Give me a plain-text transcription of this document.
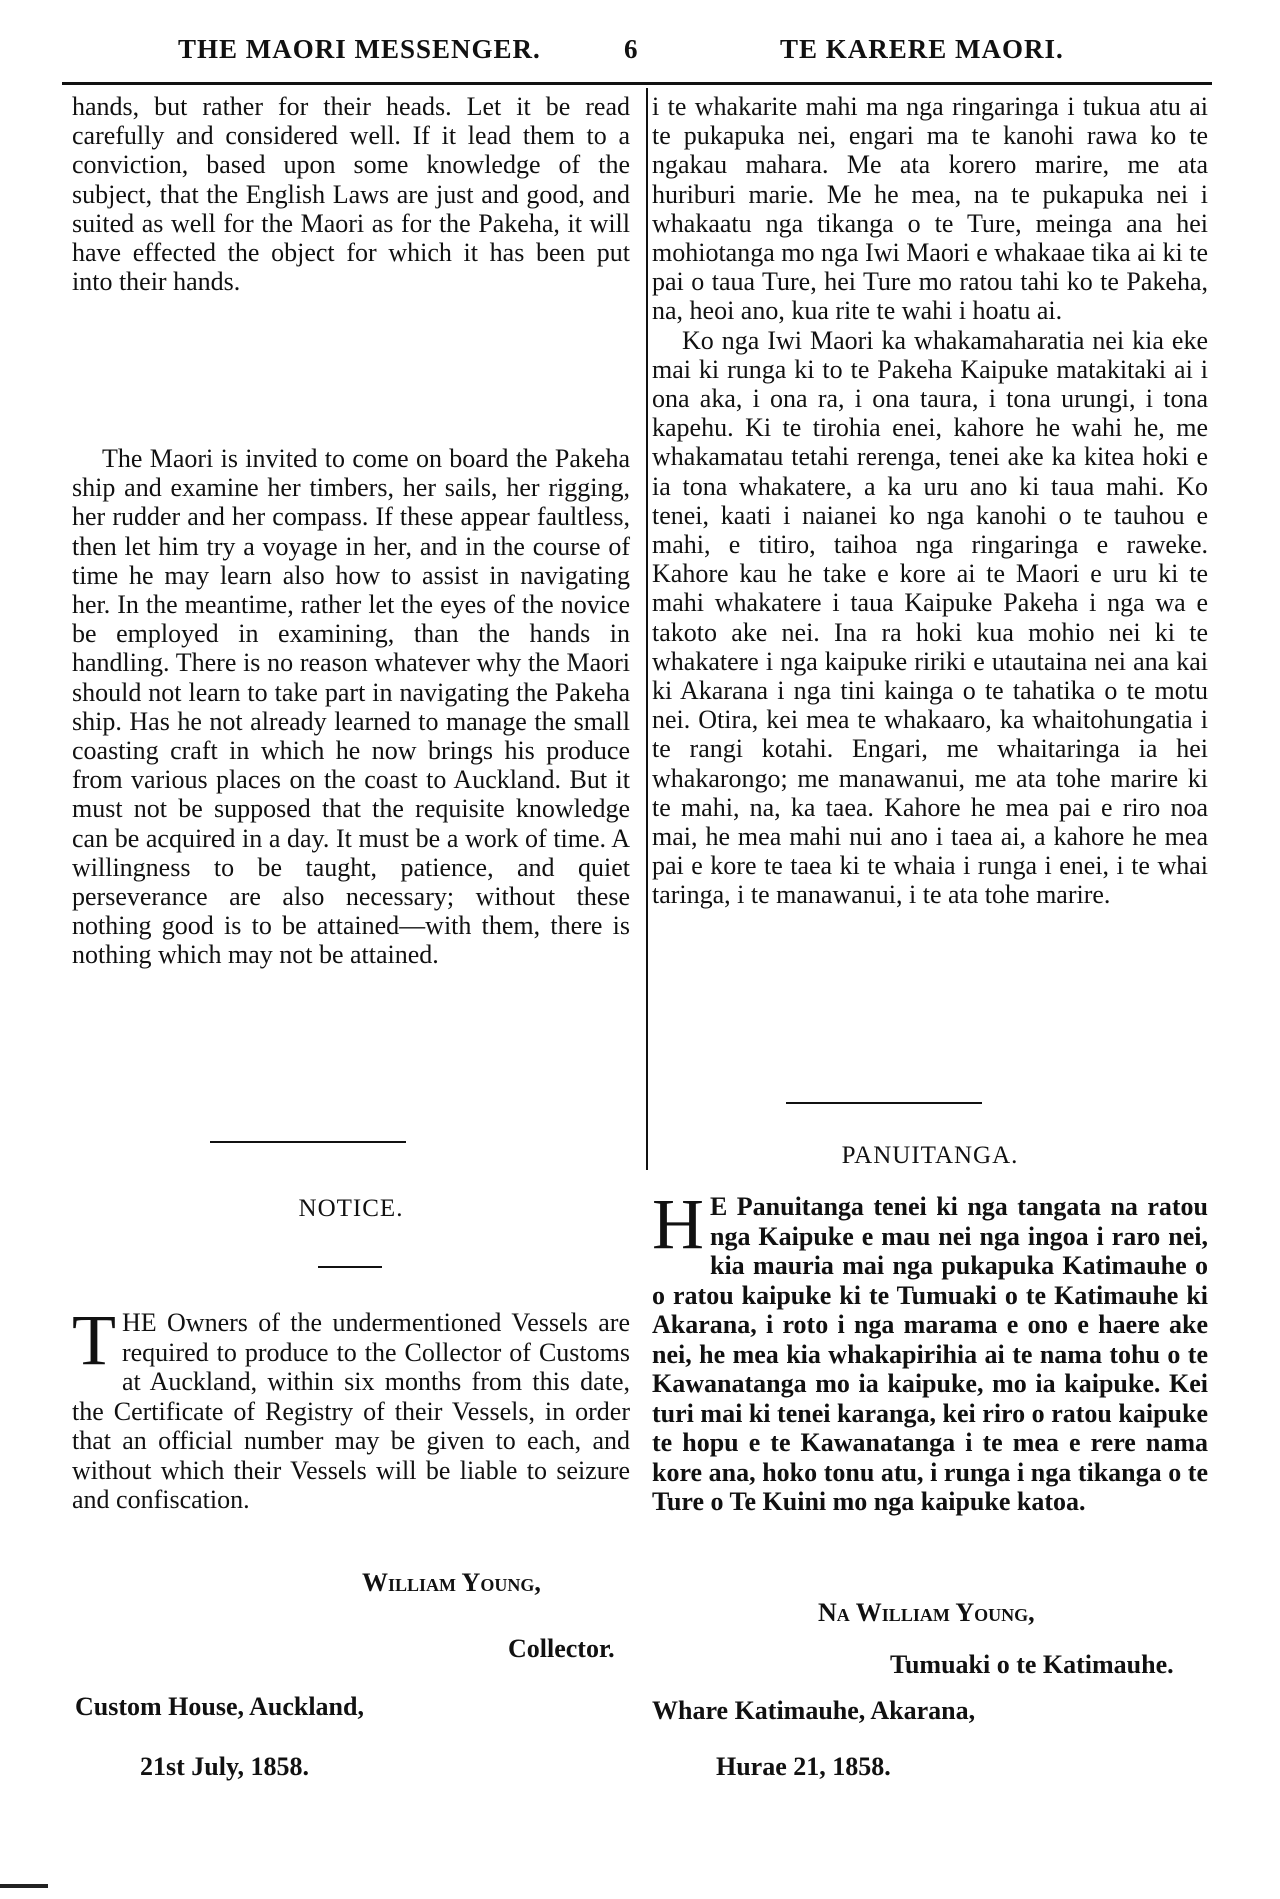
THE MAORI MESSENGER.	6	TE KARERE MAORI.

hands, but rather for their heads. Let it be read carefully and considered well. If it lead them to a conviction, based upon some knowledge of the subject, that the English Laws are just and good, and suited as well for the Maori as for the Pakeha, it will have effected the object for which it has been put into their hands.

The Maori is invited to come on board the Pakeha ship and examine her timbers, her sails, her rigging, her rudder and her compass. If these appear faultless, then let him try a voyage in her, and in the course of time he may learn also how to assist in navigating her. In the meantime, rather let the eyes of the novice be employed in examining, than the hands in handling. There is no reason whatever why the Maori should not learn to take part in navigating the Pakeha ship. Has he not already learned to manage the small coasting craft in which he now brings his produce from various places on the coast to Auckland. But it must not be supposed that the requisite knowledge can be acquired in a day. It must be a work of time. A willingness to be taught, patience, and quiet perseverance are also necessary; without these nothing good is to be attained—with them, there is nothing which may not be attained.

i te whakarite mahi ma nga ringaringa i tukua atu ai te pukapuka nei, engari ma te kanohi rawa ko te ngakau mahara. Me ata korero marire, me ata huriburi marie. Me he mea, na te pukapuka nei i whakaatu nga tikanga o te Ture, meinga ana hei mohiotanga mo nga Iwi Maori e whakaae tika ai ki te pai o taua Ture, hei Ture mo ratou tahi ko te Pakeha, na, heoi ano, kua rite te wahi i hoatu ai.

Ko nga Iwi Maori ka whakamaharatia nei kia eke mai ki runga ki to te Pakeha Kaipuke matakitaki ai i ona aka, i ona ra, i ona taura, i tona urungi, i tona kapehu. Ki te tirohia enei, kahore he wahi he, me whakamatau tetahi rerenga, tenei ake ka kitea hoki e ia tona whakatere, a ka uru ano ki taua mahi. Ko tenei, kaati i naianei ko nga kanohi o te tauhou e mahi, e titiro, taihoa nga ringaringa e raweke. Kahore kau he take e kore ai te Maori e uru ki te mahi whakatere i taua Kaipuke Pakeha i nga wa e takoto ake nei. Ina ra hoki kua mohio nei ki te whakatere i nga kaipuke ririki e utautaina nei ana kai ki Akarana i nga tini kainga o te tahatika o te motu nei. Otira, kei mea te whakaaro, ka whaitohungatia i te rangi kotahi. Engari, me whaitaringa ia hei whakarongo; me manawanui, me ata tohe marire ki te mahi, na, ka taea. Kahore he mea pai e riro noa mai, he mea mahi nui ano i taea ai, a kahore he mea pai e kore te taea ki te whaia i runga i enei, i te whai taringa, i te manawanui, i te ata tohe marire.

NOTICE.
T HE Owners of the undermentioned Vessels are required to produce to the Collector of Customs at Auckland, within six months from this date, the Certificate of Registry of their Vessels, in order that an official number may be given to each, and without which their Vessels will be liable to seizure and confiscation.
William Young,
Collector.
Custom House, Auckland,
21st July, 1858.
PANUITANGA.
H E Panuitanga tenei ki nga tangata na ratou nga Kaipuke e mau nei nga ingoa i raro nei, kia mauria mai nga pukapuka Katimauhe o o ratou kaipuke ki te Tumuaki o te Katimauhe ki Akarana, i roto i nga marama e ono e haere ake nei, he mea kia whakapirihia ai te nama tohu o te Kawanatanga mo ia kaipuke, mo ia kaipuke. Kei turi mai ki tenei karanga, kei riro o ratou kaipuke te hopu e te Kawanatanga i te mea e rere nama kore ana, hoko tonu atu, i runga i nga tikanga o te Ture o Te Kuini mo nga kaipuke katoa.
Na William Young,
Tumuaki o te Katimauhe.
Whare Katimauhe, Akarana,
Hurae 21, 1858.
